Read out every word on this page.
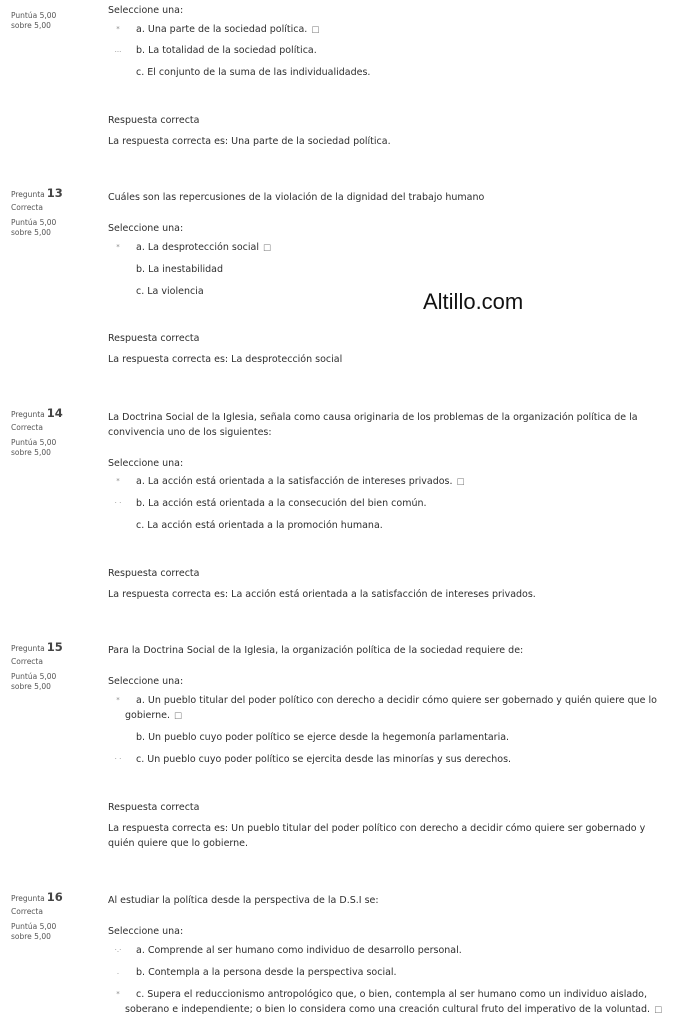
Altillo.com
Puntúa 5,00 sobre 5,00
Seleccione una:
*	a. Una parte de la sociedad política. □
...	b. La totalidad de la sociedad política.
c. El conjunto de la suma de las individualidades.
Respuesta correcta
La respuesta correcta es: Una parte de la sociedad política.
Pregunta 13
Correcta
Puntúa 5,00 sobre 5,00
Cuáles son las repercusiones de la violación de la dignidad del trabajo humano
Seleccione una:
*	a. La desprotección social □
b. La inestabilidad
c. La violencia
Respuesta correcta
La respuesta correcta es: La desprotección social
Pregunta 14
Correcta
Puntúa 5,00 sobre 5,00
La Doctrina Social de la Iglesia, señala como causa originaria de los problemas de la organización política de la convivencia uno de los siguientes:
Seleccione una:
*	a. La acción está orientada a la satisfacción de intereses privados. □
· ·	b. La acción está orientada a la consecución del bien común.
c. La acción está orientada a la promoción humana.
Respuesta correcta
La respuesta correcta es: La acción está orientada a la satisfacción de intereses privados.
Pregunta 15
Correcta
Puntúa 5,00 sobre 5,00
Para la Doctrina Social de la Iglesia, la organización política de la sociedad requiere de:
Seleccione una:
*	a. Un pueblo titular del poder político con derecho a decidir cómo quiere ser gobernado y quién quiere que lo gobierne. □
b. Un pueblo cuyo poder político se ejerce desde la hegemonía parlamentaria.
· ·	c. Un pueblo cuyo poder político se ejercita desde las minorías y sus derechos.
Respuesta correcta
La respuesta correcta es: Un pueblo titular del poder político con derecho a decidir cómo quiere ser gobernado y quién quiere que lo gobierne.
Pregunta 16
Correcta
Puntúa 5,00 sobre 5,00
Al estudiar la política desde la perspectiva de la D.S.I se:
Seleccione una:
·.·	a. Comprende al ser humano como individuo de desarrollo personal.
.	b. Contempla a la persona desde la perspectiva social.
*	c. Supera el reduccionismo antropológico que, o bien, contempla al ser humano como un individuo aislado, soberano e independiente; o bien lo considera como una creación cultural fruto del imperativo de la voluntad. □
